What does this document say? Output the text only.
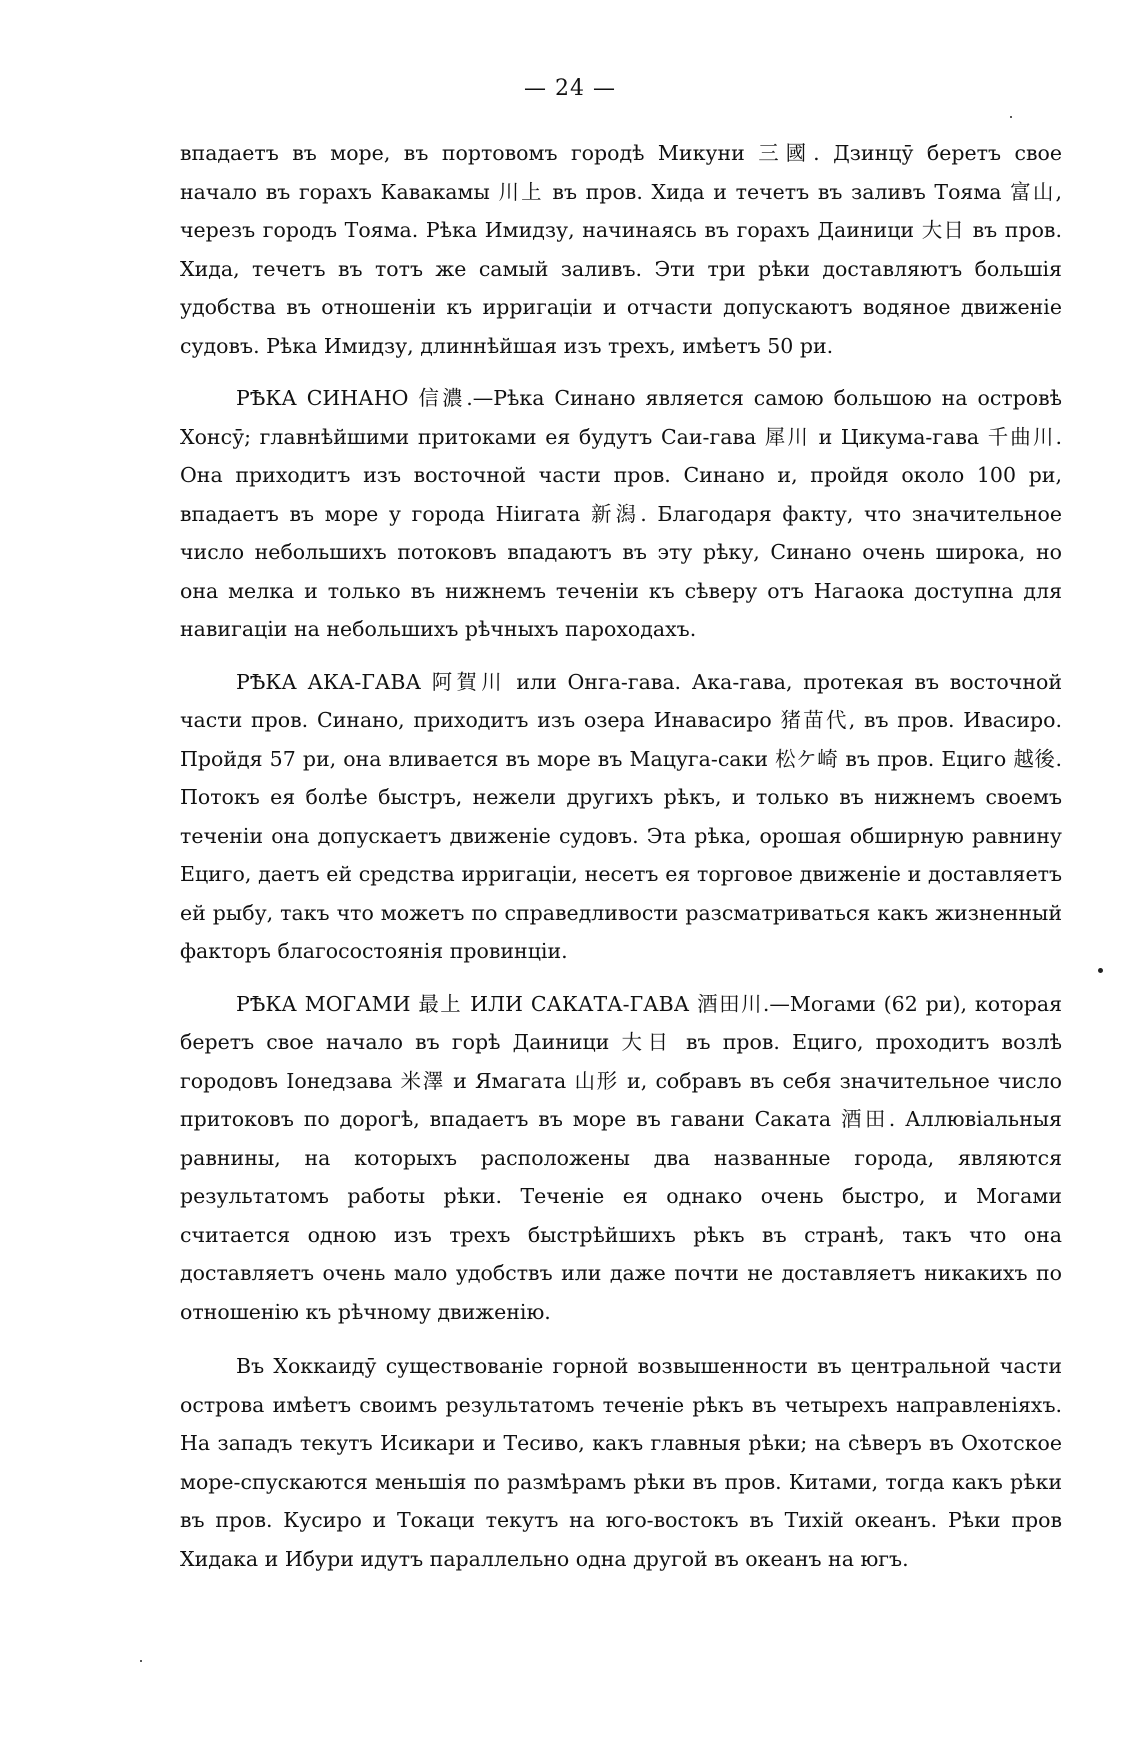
— 24 —

впадаетъ въ море, въ портовомъ городѣ Микуни 三國. Дзинцӯ беретъ свое начало въ горахъ Кавакамы 川上 въ пров. Хида и течетъ въ заливъ Тояма 富山, черезъ городъ Тояма. Рѣка Имидзу, начинаясь въ горахъ Даиници 大日 въ пров. Хида, течетъ въ тотъ же самый заливъ. Эти три рѣки доставляютъ большiя удобства въ отношенiи къ ирригацiи и отчасти допускаютъ водяное движенiе судовъ. Рѣка Имидзу, длиннѣйшая изъ трехъ, имѣетъ 50 ри.

РѢКА СИНАНО 信濃.—Рѣка Синано является самою большою на островѣ Хонсӯ; главнѣйшими притоками ея будутъ Саи-гава 犀川 и Цикума-гава 千曲川. Она приходитъ изъ восточной части пров. Синано и, пройдя около 100 ри, впадаетъ въ море у города Нiигата 新潟. Благодаря факту, что значительное число небольшихъ потоковъ впадаютъ въ эту рѣку, Синано очень широка, но она мелка и только въ нижнемъ теченiи къ сѣверу отъ Нагаока доступна для навигацiи на небольшихъ рѣчныхъ пароходахъ.

РѢКА АКА-ГАВА 阿賀川 или Онга-гава. Ака-гава, протекая въ восточной части пров. Синано, приходитъ изъ озера Инавасиро 猪苗代, въ пров. Ивасиро. Пройдя 57 ри, она вливается въ море въ Мацуга-саки 松ケ崎 въ пров. Ециго 越後. Потокъ ея болѣе быстръ, нежели другихъ рѣкъ, и только въ нижнемъ своемъ теченiи она допускаетъ движенiе судовъ. Эта рѣка, орошая обширную равнину Ециго, даетъ ей средства ирригацiи, несетъ ея торговое движенiе и доставляетъ ей рыбу, такъ что можетъ по справедливости разсматриваться какъ жизненный факторъ благосостоянiя провинцiи.

РѢКА МОГАМИ 最上 ИЛИ САКАТА-ГАВА 酒田川.—Могами (62 ри), которая беретъ свое начало въ горѣ Даиници 大日 въ пров. Ециго, проходитъ возлѣ городовъ Iонедзава 米澤 и Ямагата 山形 и, собравъ въ себя значительное число притоковъ по дорогѣ, впадаетъ въ море въ гавани Саката 酒田. Аллювiальныя равнины, на которыхъ расположены два названные города, являются результатомъ работы рѣки. Теченiе ея однако очень быстро, и Могами считается одною изъ трехъ быстрѣйшихъ рѣкъ въ странѣ, такъ что она доставляетъ очень мало удобствъ или даже почти не доставляетъ никакихъ по отношенiю къ рѣчному движенiю.

Въ Хоккаидӯ существованiе горной возвышенности въ центральной части острова имѣетъ своимъ результатомъ теченiе рѣкъ въ четырехъ направленiяхъ. На западъ текутъ Исикари и Тесиво, какъ главныя рѣки; на сѣверъ въ Охотское море-спускаются меньшiя по размѣрамъ рѣки въ пров. Китами, тогда какъ рѣки въ пров. Кусиро и Токаци текутъ на юго-востокъ въ Тихiй океанъ. Рѣки пров Хидака и Ибури идутъ параллельно одна другой въ океанъ на югъ.
